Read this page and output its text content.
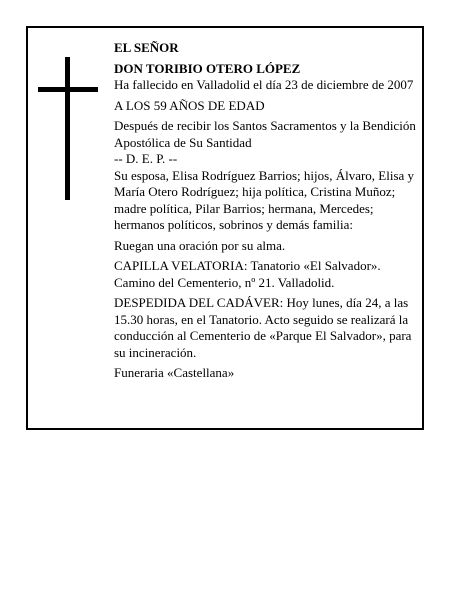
EL SEÑOR

DON TORIBIO OTERO LÓPEZ

Ha fallecido en Valladolid el día 23 de diciembre de 2007

A LOS 59 AÑOS DE EDAD

Después de recibir los Santos Sacramentos y la Bendición Apostólica de Su Santidad

-- D. E. P. --

Su esposa, Elisa Rodríguez Barrios; hijos, Álvaro, Elisa y María Otero Rodríguez; hija política, Cristina Muñoz; madre política, Pilar Barrios; hermana, Mercedes; hermanos políticos, sobrinos y demás familia:

Ruegan una oración por su alma.

CAPILLA VELATORIA: Tanatorio «El Salvador». Camino del Cementerio, nº 21. Valladolid.

DESPEDIDA DEL CADÁVER: Hoy lunes, día 24, a las 15.30 horas, en el Tanatorio. Acto seguido se realizará la conducción al Cementerio de «Parque El Salvador», para su incineración.

Funeraria «Castellana»
